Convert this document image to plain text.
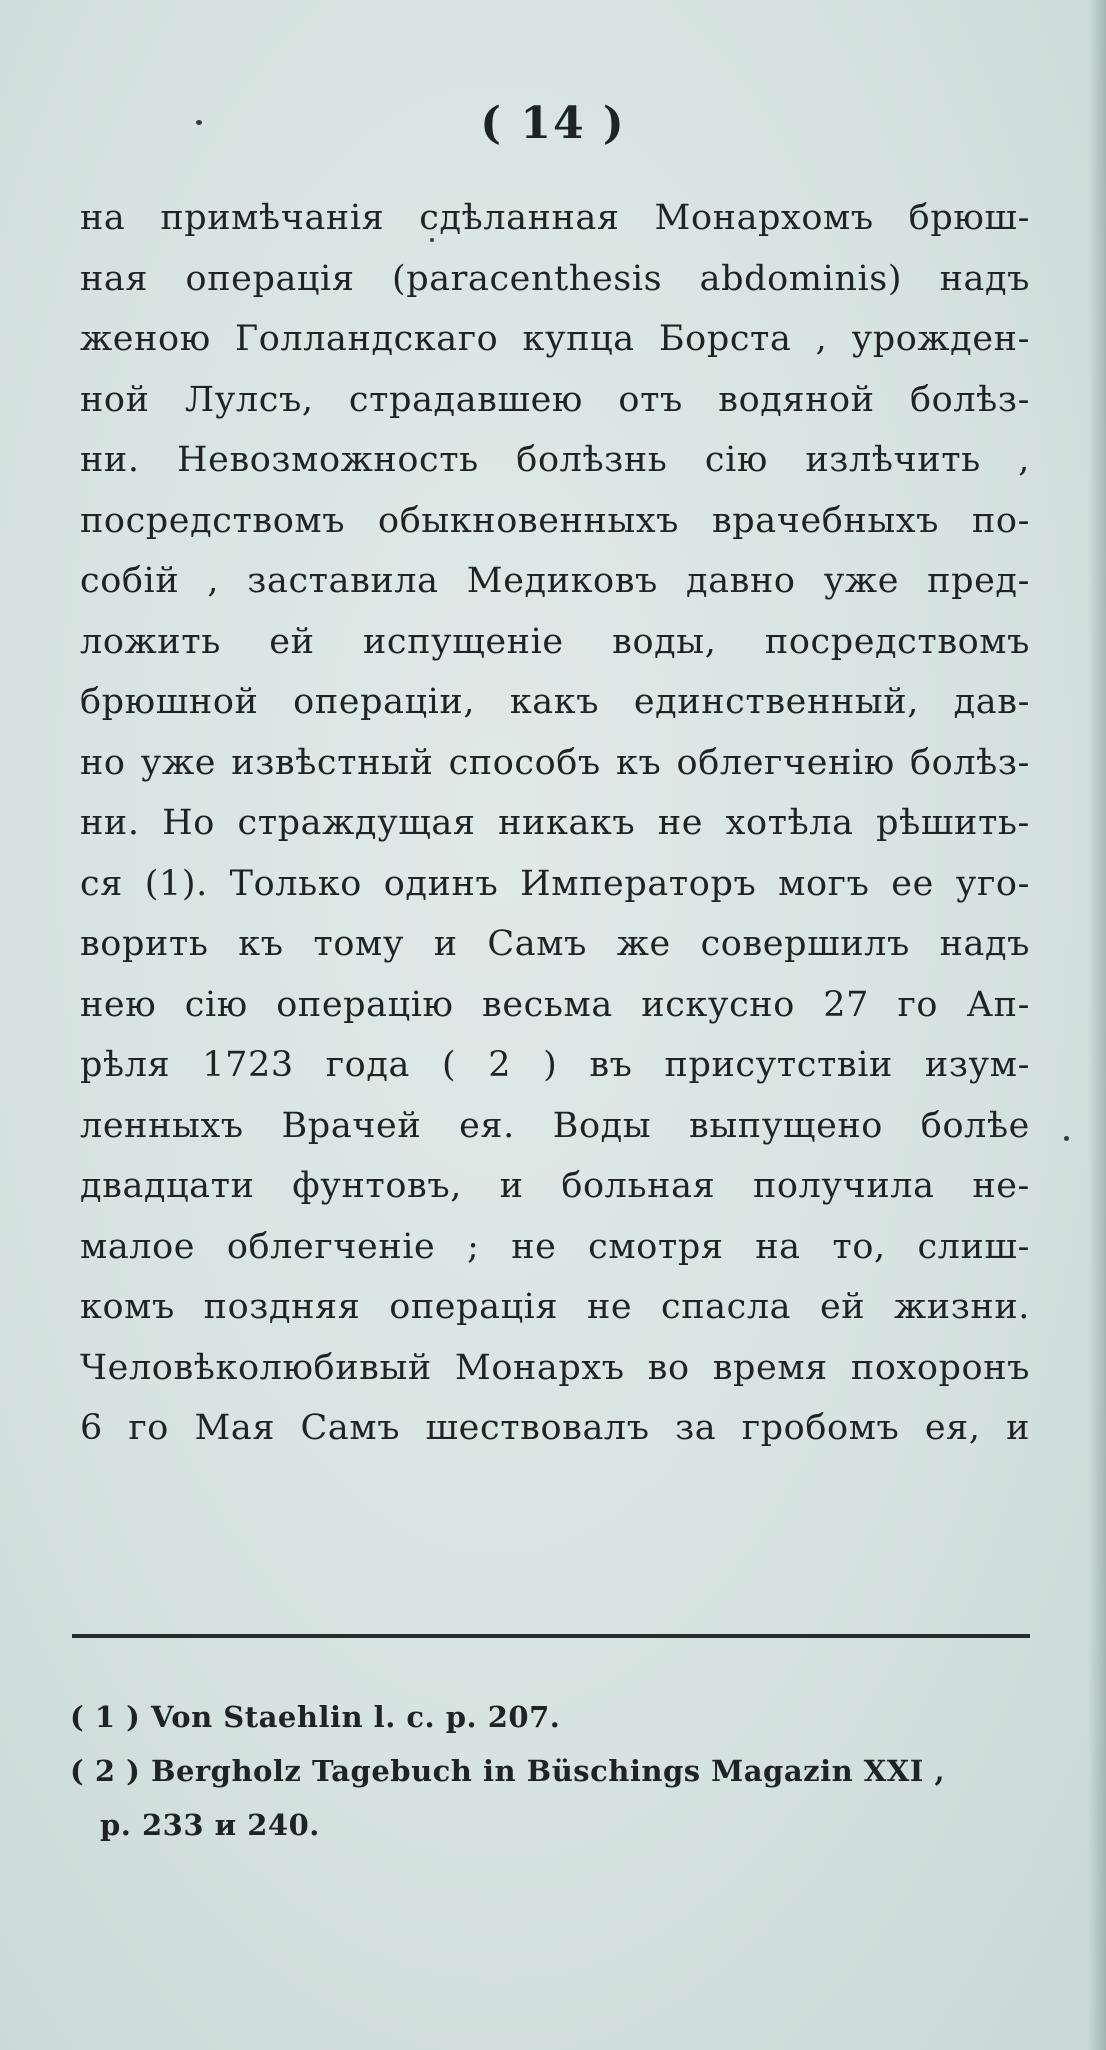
( 14 )
на примѣчанія сдѣланная Монархомъ брюш-
ная операція (paracenthesis abdominis) надъ
женою Голландскаго купца Борста , урожден-
ной Лулсъ, страдавшею отъ водяной болѣз-
ни. Невозможность болѣзнь сію излѣчить ,
посредствомъ обыкновенныхъ врачебныхъ по-
собій , заставила Медиковъ давно уже пред-
ложить ей испущеніе воды, посредствомъ
брюшной операціи, какъ единственный, дав-
но уже извѣстный способъ къ облегченію болѣз-
ни. Но страждущая никакъ не хотѣла рѣшить-
ся (1). Только одинъ Императоръ могъ ее уго-
ворить къ тому и Самъ же совершилъ надъ
нею сію операцію весьма искусно 27 го Ап-
рѣля 1723 года ( 2 ) въ присутствіи изум-
ленныхъ Врачей ея. Воды выпущено болѣе
двадцати фунтовъ, и больная получила не-
малое облегченіе ; не смотря на то, слиш-
комъ поздняя операція не спасла ей жизни.
Человѣколюбивый Монархъ во время похоронъ
6 го Мая Самъ шествовалъ за гробомъ ея, и
( 1 ) Von Staehlin l. c. p. 207.
( 2 ) Bergholz Tagebuch in Büschings Magazin XXI ,
p. 233 и 240.
